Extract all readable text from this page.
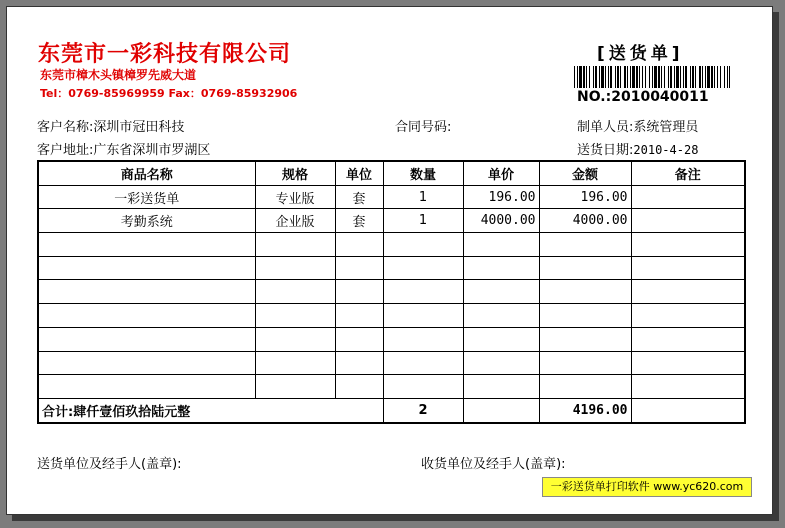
东莞市一彩科技有限公司
东莞市樟木头镇樟罗先威大道
Tel：0769-85969959 Fax：0769-85932906
[送货单]
NO.:2010040011
客户名称:深圳市冠田科技	合同号码:	制单人员:系统管理员
客户地址:广东省深圳市罗湖区	送货日期:2010-4-28
商品名称	规格	单位	数量	单价	金额	备注
一彩送货单	专业版	套	1	196.00	196.00	
考勤系统	企业版	套	1	4000.00	4000.00	

合计:肆仟壹佰玖拾陆元整			2		4196.00	
送货单位及经手人(盖章):	收货单位及经手人(盖章):
一彩送货单打印软件 www.yc620.com
